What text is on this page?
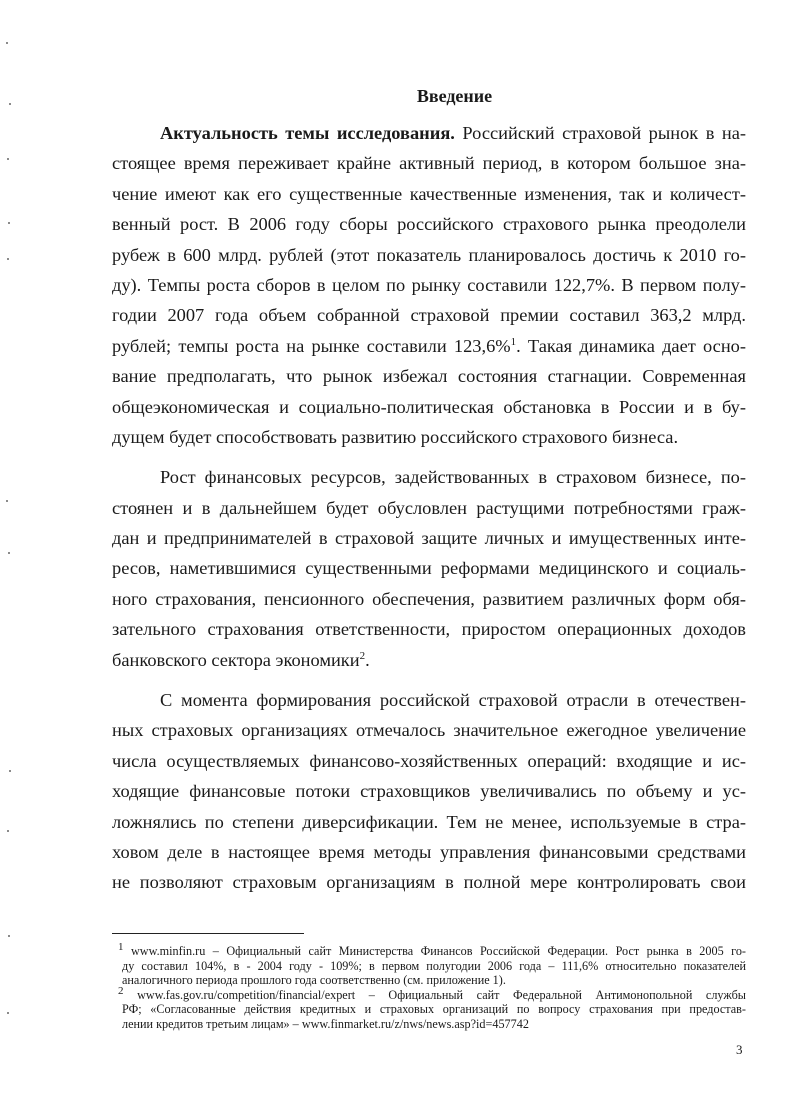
Введение
Актуальность темы исследования. Российский страховой рынок в на-
стоящее время переживает крайне активный период, в котором большое зна-
чение имеют как его существенные качественные изменения, так и количест-
венный рост. В 2006 году сборы российского страхового рынка преодолели
рубеж в 600 млрд. рублей (этот показатель планировалось достичь к 2010 го-
ду). Темпы роста сборов в целом по рынку составили 122,7%. В первом полу-
годии 2007 года объем собранной страховой премии составил 363,2 млрд.
рублей; темпы роста на рынке составили 123,6%$^1$. Такая динамика дает осно-
вание предполагать, что рынок избежал состояния стагнации. Современная
общеэкономическая и социально-политическая обстановка в России и в бу-
дущем будет способствовать развитию российского страхового бизнеса.
Рост финансовых ресурсов, задействованных в страховом бизнесе, по-
стоянен и в дальнейшем будет обусловлен растущими потребностями граж-
дан и предпринимателей в страховой защите личных и имущественных инте-
ресов, наметившимися существенными реформами медицинского и социаль-
ного страхования, пенсионного обеспечения, развитием различных форм обя-
зательного страхования ответственности, приростом операционных доходов
банковского сектора экономики$^2$.
С момента формирования российской страховой отрасли в отечествен-
ных страховых организациях отмечалось значительное ежегодное увеличение
числа осуществляемых финансово-хозяйственных операций: входящие и ис-
ходящие финансовые потоки страховщиков увеличивались по объему и ус-
ложнялись по степени диверсификации. Тем не менее, используемые в стра-
ховом деле в настоящее время методы управления финансовыми средствами
не позволяют страховым организациям в полной мере контролировать свои
$^1$ www.minfin.ru – Официальный сайт Министерства Финансов Российской Федерации. Рост рынка в 2005 го-
ду составил 104%, в - 2004 году - 109%; в первом полугодии 2006 года – 111,6% относительно показателей
аналогичного периода прошлого года соответственно (см. приложение 1).
$^2$ www.fas.gov.ru/competition/financial/expert – Официальный сайт Федеральной Антимонопольной службы
РФ; «Согласованные действия кредитных и страховых организаций по вопросу страхования при предостав-
лении кредитов третьим лицам» – www.finmarket.ru/z/nws/news.asp?id=457742
3
